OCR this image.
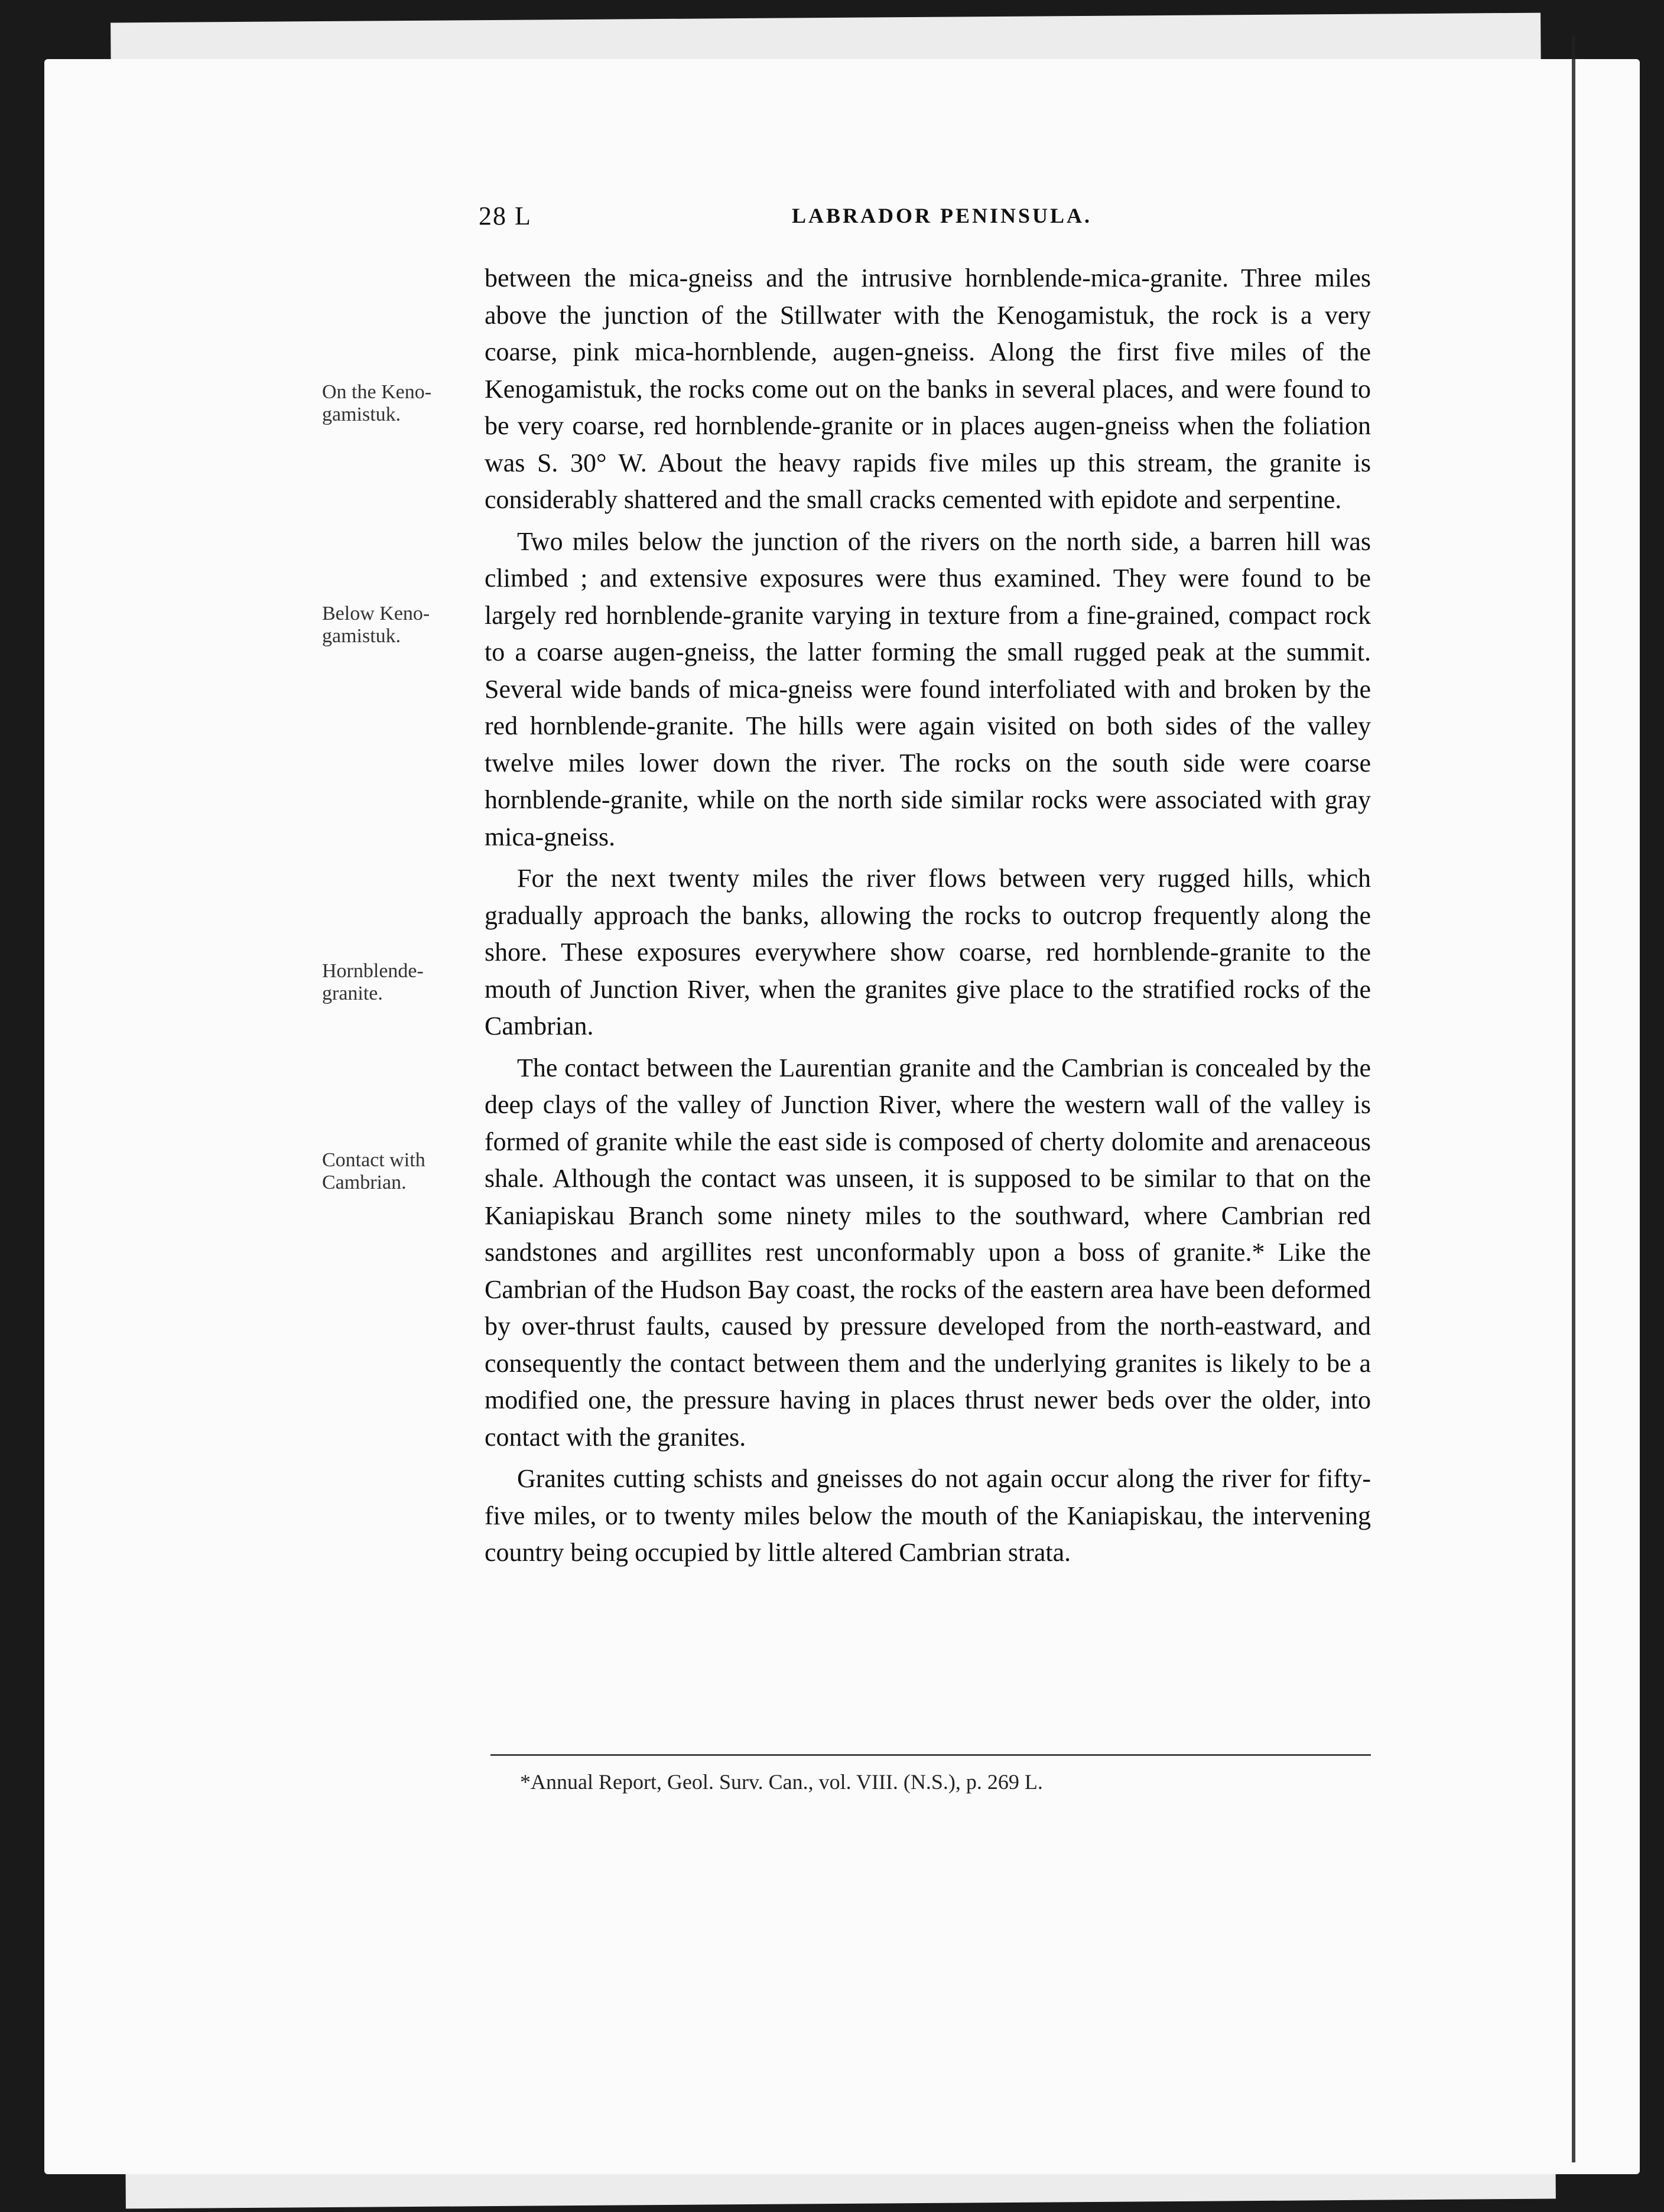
28 L	LABRADOR PENINSULA.
On the Keno-
gamistuk.
Below Keno-
gamistuk.
Hornblende-
granite.
Contact with
Cambrian.

between the mica-gneiss and the intrusive hornblende-mica-granite. Three miles above the junction of the Stillwater with the Kenogamistuk, the rock is a very coarse, pink mica-hornblende, augen-gneiss. Along the first five miles of the Kenogamistuk, the rocks come out on the banks in several places, and were found to be very coarse, red hornblende-granite or in places augen-gneiss when the foliation was S. 30° W. About the heavy rapids five miles up this stream, the granite is considerably shattered and the small cracks cemented with epidote and serpentine.

Two miles below the junction of the rivers on the north side, a barren hill was climbed ; and extensive exposures were thus examined. They were found to be largely red hornblende-granite varying in texture from a fine-grained, compact rock to a coarse augen-gneiss, the latter forming the small rugged peak at the summit. Several wide bands of mica-gneiss were found interfoliated with and broken by the red hornblende-granite. The hills were again visited on both sides of the valley twelve miles lower down the river. The rocks on the south side were coarse hornblende-granite, while on the north side similar rocks were associated with gray mica-gneiss.

For the next twenty miles the river flows between very rugged hills, which gradually approach the banks, allowing the rocks to outcrop frequently along the shore. These exposures everywhere show coarse, red hornblende-granite to the mouth of Junction River, when the granites give place to the stratified rocks of the Cambrian.

The contact between the Laurentian granite and the Cambrian is concealed by the deep clays of the valley of Junction River, where the western wall of the valley is formed of granite while the east side is composed of cherty dolomite and arenaceous shale. Although the contact was unseen, it is supposed to be similar to that on the Kaniapiskau Branch some ninety miles to the southward, where Cambrian red sandstones and argillites rest unconformably upon a boss of granite.* Like the Cambrian of the Hudson Bay coast, the rocks of the eastern area have been deformed by over-thrust faults, caused by pressure developed from the north-eastward, and consequently the contact between them and the underlying granites is likely to be a modified one, the pressure having in places thrust newer beds over the older, into contact with the granites.

Granites cutting schists and gneisses do not again occur along the river for fifty-five miles, or to twenty miles below the mouth of the Kaniapiskau, the intervening country being occupied by little altered Cambrian strata.

*Annual Report, Geol. Surv. Can., vol. VIII. (N.S.), p. 269 L.
